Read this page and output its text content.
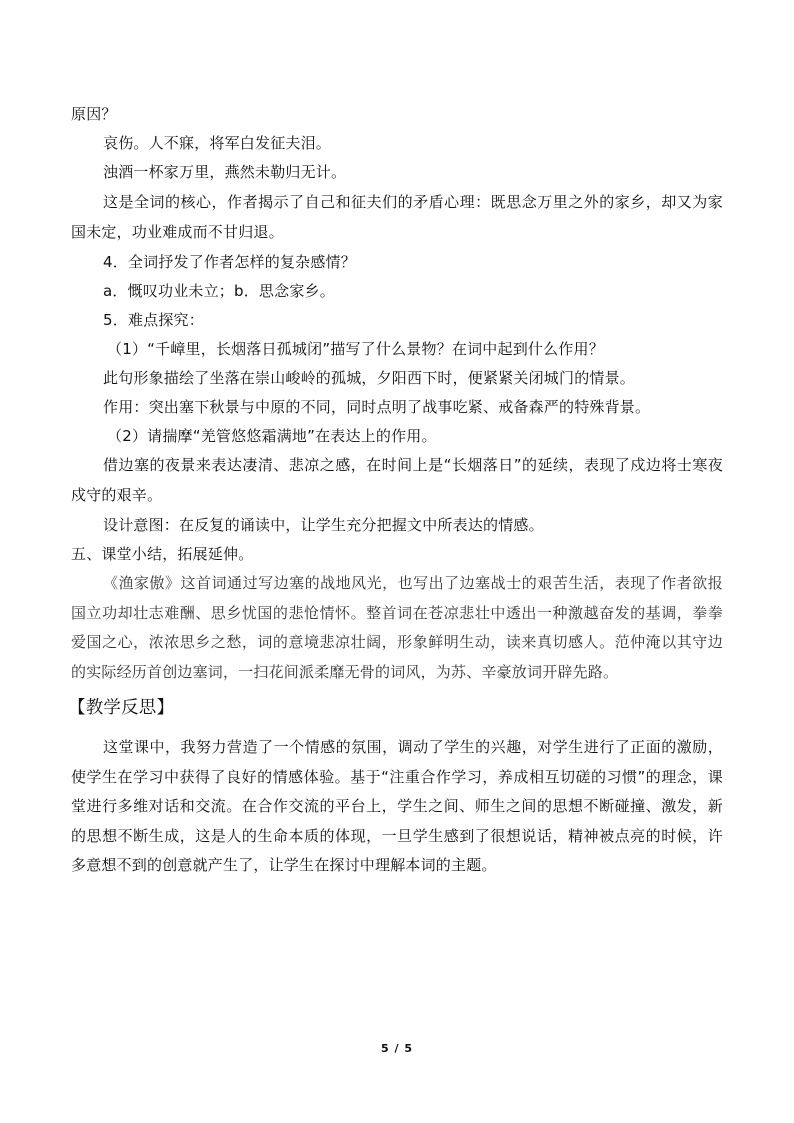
原因？
哀伤。人不寐，将军白发征夫泪。
浊酒一杯家万里，燕然未勒归无计。
这是全词的核心，作者揭示了自己和征夫们的矛盾心理：既思念万里之外的家乡，却又为家国未定，功业难成而不甘归退。
4．全词抒发了作者怎样的复杂感情？
a．慨叹功业未立；b．思念家乡。
5．难点探究：
（1）“千嶂里，长烟落日孤城闭”描写了什么景物？在词中起到什么作用？
此句形象描绘了坐落在崇山峻岭的孤城，夕阳西下时，便紧紧关闭城门的情景。
作用：突出塞下秋景与中原的不同，同时点明了战事吃紧、戒备森严的特殊背景。
（2）请揣摩“羌管悠悠霜满地”在表达上的作用。
借边塞的夜景来表达凄清、悲凉之感，在时间上是“长烟落日”的延续，表现了戍边将士寒夜戍守的艰辛。
设计意图：在反复的诵读中，让学生充分把握文中所表达的情感。
五、课堂小结，拓展延伸。
《渔家傲》这首词通过写边塞的战地风光，也写出了边塞战士的艰苦生活，表现了作者欲报国立功却壮志难酬、思乡忧国的悲怆情怀。整首词在苍凉悲壮中透出一种激越奋发的基调，拳拳爱国之心，浓浓思乡之愁，词的意境悲凉壮阔，形象鲜明生动，读来真切感人。范仲淹以其守边的实际经历首创边塞词，一扫花间派柔靡无骨的词风，为苏、辛豪放词开辟先路。
【教学反思】
这堂课中，我努力营造了一个情感的氛围，调动了学生的兴趣，对学生进行了正面的激励，使学生在学习中获得了良好的情感体验。基于“注重合作学习，养成相互切磋的习惯”的理念，课堂进行多维对话和交流。在合作交流的平台上，学生之间、师生之间的思想不断碰撞、激发，新的思想不断生成，这是人的生命本质的体现，一旦学生感到了很想说话，精神被点亮的时候，许多意想不到的创意就产生了，让学生在探讨中理解本词的主题。
5 / 5
